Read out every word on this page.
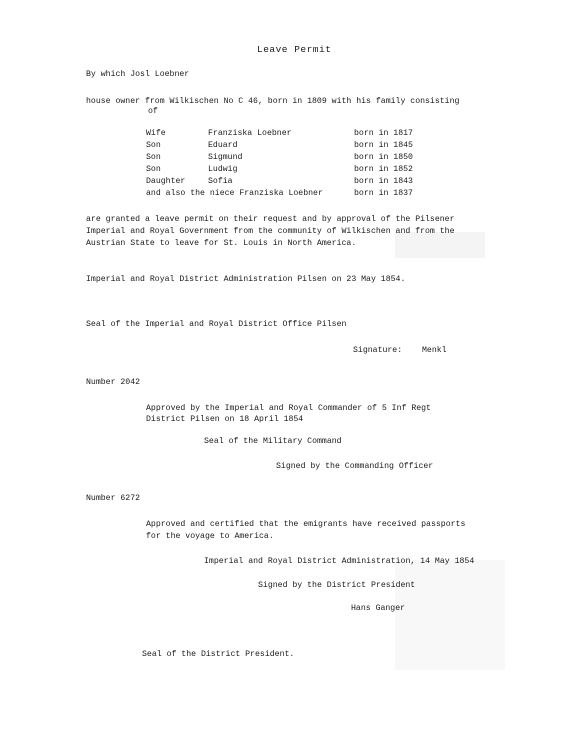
Leave Permit
By which Josl Loebner
house owner from Wilkischen No C 46, born in 1809 with his family consisting
of
Wife	Franziska Loebner	born in 1817
Son	Eduard	born in 1845
Son	Sigmund	born in 1850
Son	Ludwig	born in 1852
Daughter	Sofia	born in 1843
and also the niece Franziska Loebner	born in 1837
are granted a leave permit on their request and by approval of the Pilsener
Imperial and Royal Government from the community of Wilkischen and from the
Austrian State to leave for St. Louis in North America.
Imperial and Royal District Administration Pilsen on 23 May 1854.
Seal of the Imperial and Royal District Office Pilsen
Signature: Menkl
Number 2042
Approved by the Imperial and Royal Commander of 5 Inf Regt
District Pilsen on 18 April 1854
Seal of the Military Command
Signed by the Commanding Officer
Number 6272
Approved and certified that the emigrants have received passports
for the voyage to America.
Imperial and Royal District Administration, 14 May 1854
Signed by the District President
Hans Ganger
Seal of the District President.
